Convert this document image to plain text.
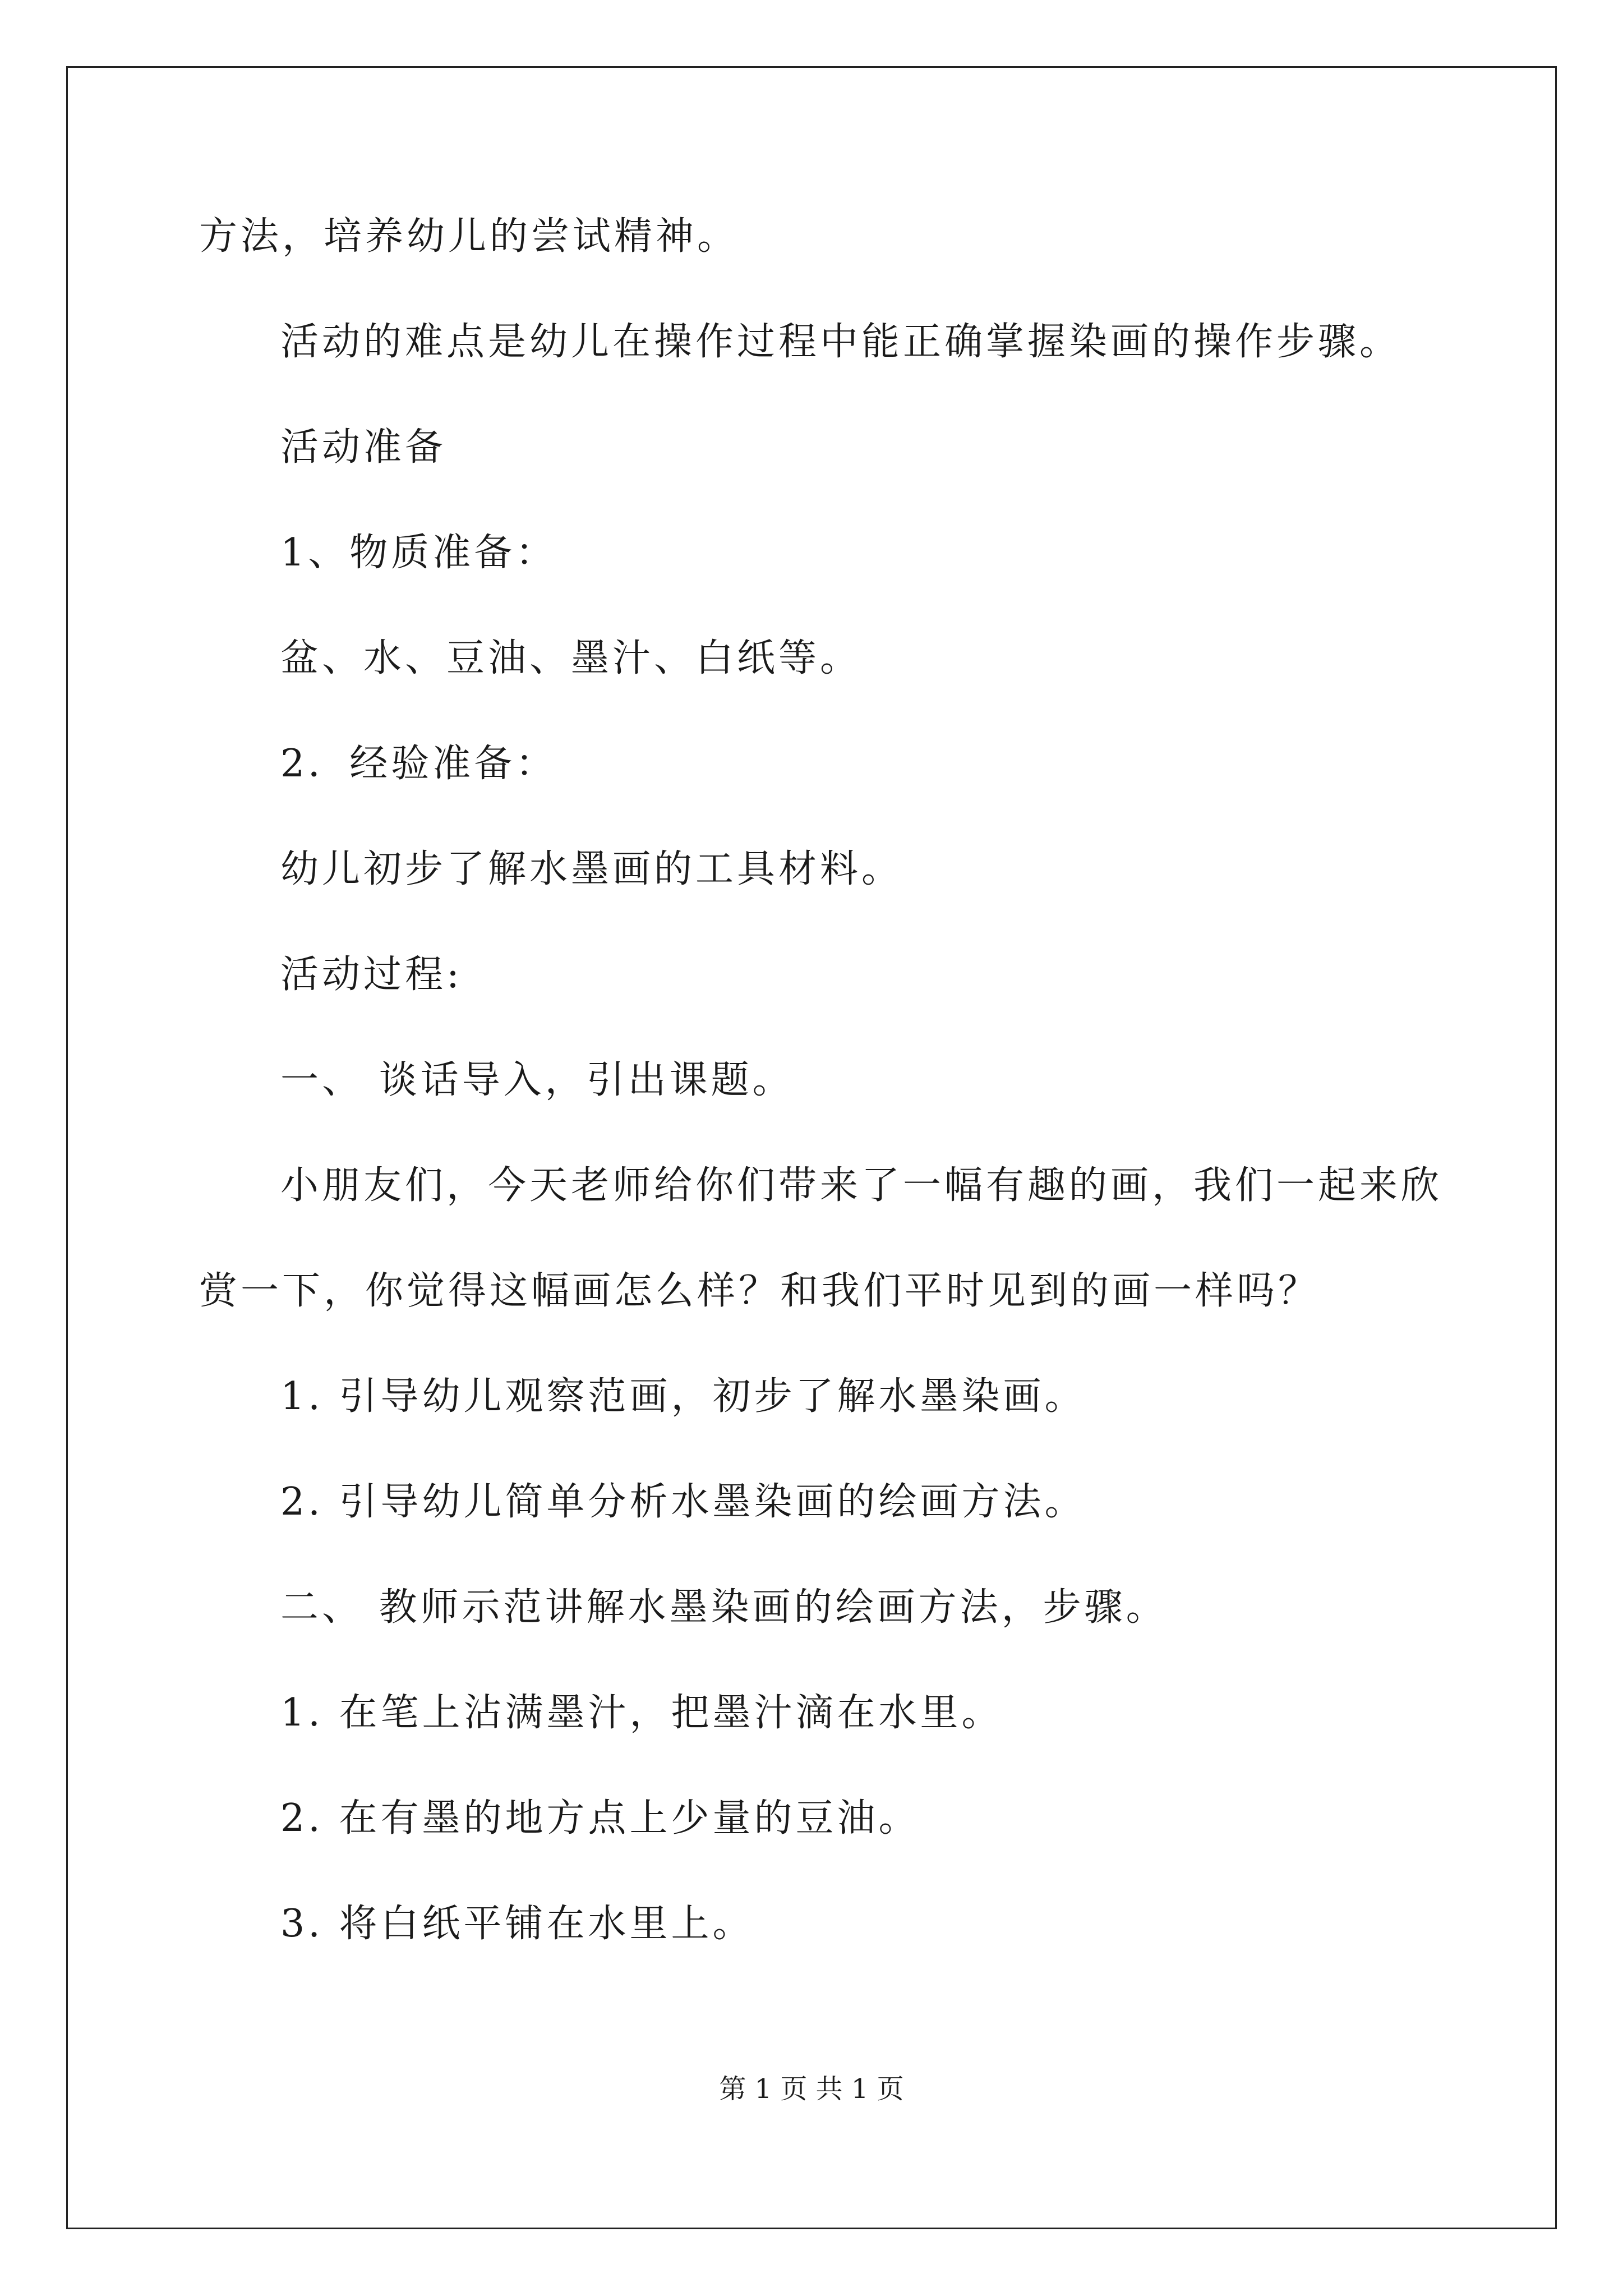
方法，培养幼儿的尝试精神。
活动的难点是幼儿在操作过程中能正确掌握染画的操作步骤。
活动准备
1、物质准备：
盆、水、豆油、墨汁、白纸等。
2．经验准备：
幼儿初步了解水墨画的工具材料。
活动过程:
一、 谈话导入，引出课题。
小朋友们，今天老师给你们带来了一幅有趣的画，我们一起来欣
赏一下，你觉得这幅画怎么样？和我们平时见到的画一样吗？
1. 引导幼儿观察范画，初步了解水墨染画。
2. 引导幼儿简单分析水墨染画的绘画方法。
二、 教师示范讲解水墨染画的绘画方法，步骤。
1. 在笔上沾满墨汁，把墨汁滴在水里。
2. 在有墨的地方点上少量的豆油。
3. 将白纸平铺在水里上。
第 1 页 共 1 页
